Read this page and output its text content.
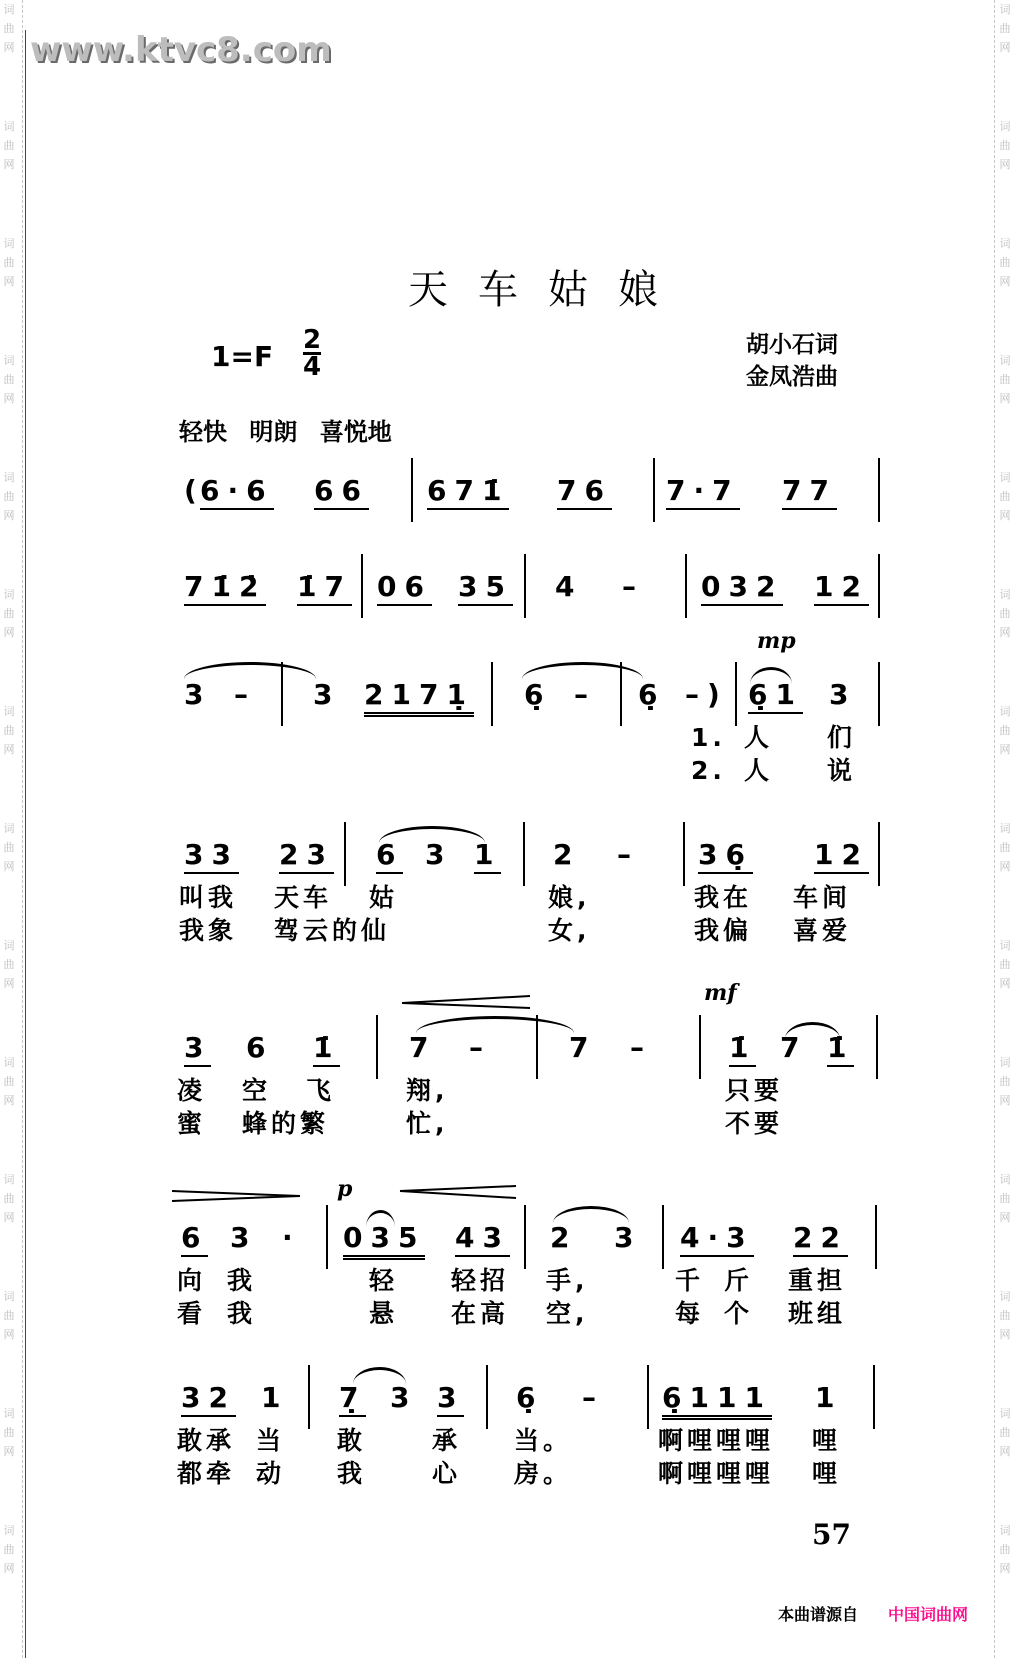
词
曲
网
词
曲
网
词
曲
网
词
曲
网
词
曲
网
词
曲
网
词
曲
网
词
曲
网
词
曲
网
词
曲
网
词
曲
网
词
曲
网
词
曲
网
词
曲
网
词
曲
网
词
曲
网
词
曲
网
词
曲
网
词
曲
网
词
曲
网
词
曲
网
词
曲
网
词
曲
网
词
曲
网
词
曲
网
词
曲
网
词
曲
网
词
曲
网
www.ktvc8.com
天车姑娘
$1=F \frac{2}{4}$	胡小石词
金凤浩曲
轻快 明朗 喜悦地
mp
mf
p
(
6·6 66 671̇ 76 7·7 77
71̇2̇ 1̇7 06 35 4 – 032 12
3 – 3 2171̣ 6̣ – 6̣ –) 6̣1 3
1. 人 们
2. 人 说
33 23 6 3 1 2 – 36̣ 12
叫我 天车 姑	娘,	我在 车间
我象 驾云的仙	女,	我偏 喜爱
3 6 1̇ 7 –	7 –	1̇ 7 1̇
凌 空 飞	翔,	只要
蜜 蜂的繁	忙,	不要
6 3 · 035 43 2 3 4·3 22
向 我	轻 轻招 手,	千 斤 重担
看 我	悬 在高 空,	每 个 班组
32 1 7̣ 3 3 6̣ – 6̣111 1
敢承 当 敢	承 当。	啊哩哩哩 哩
都牵 动 我	心 房。	啊哩哩哩 哩
57
本曲谱源自 中国词曲网
